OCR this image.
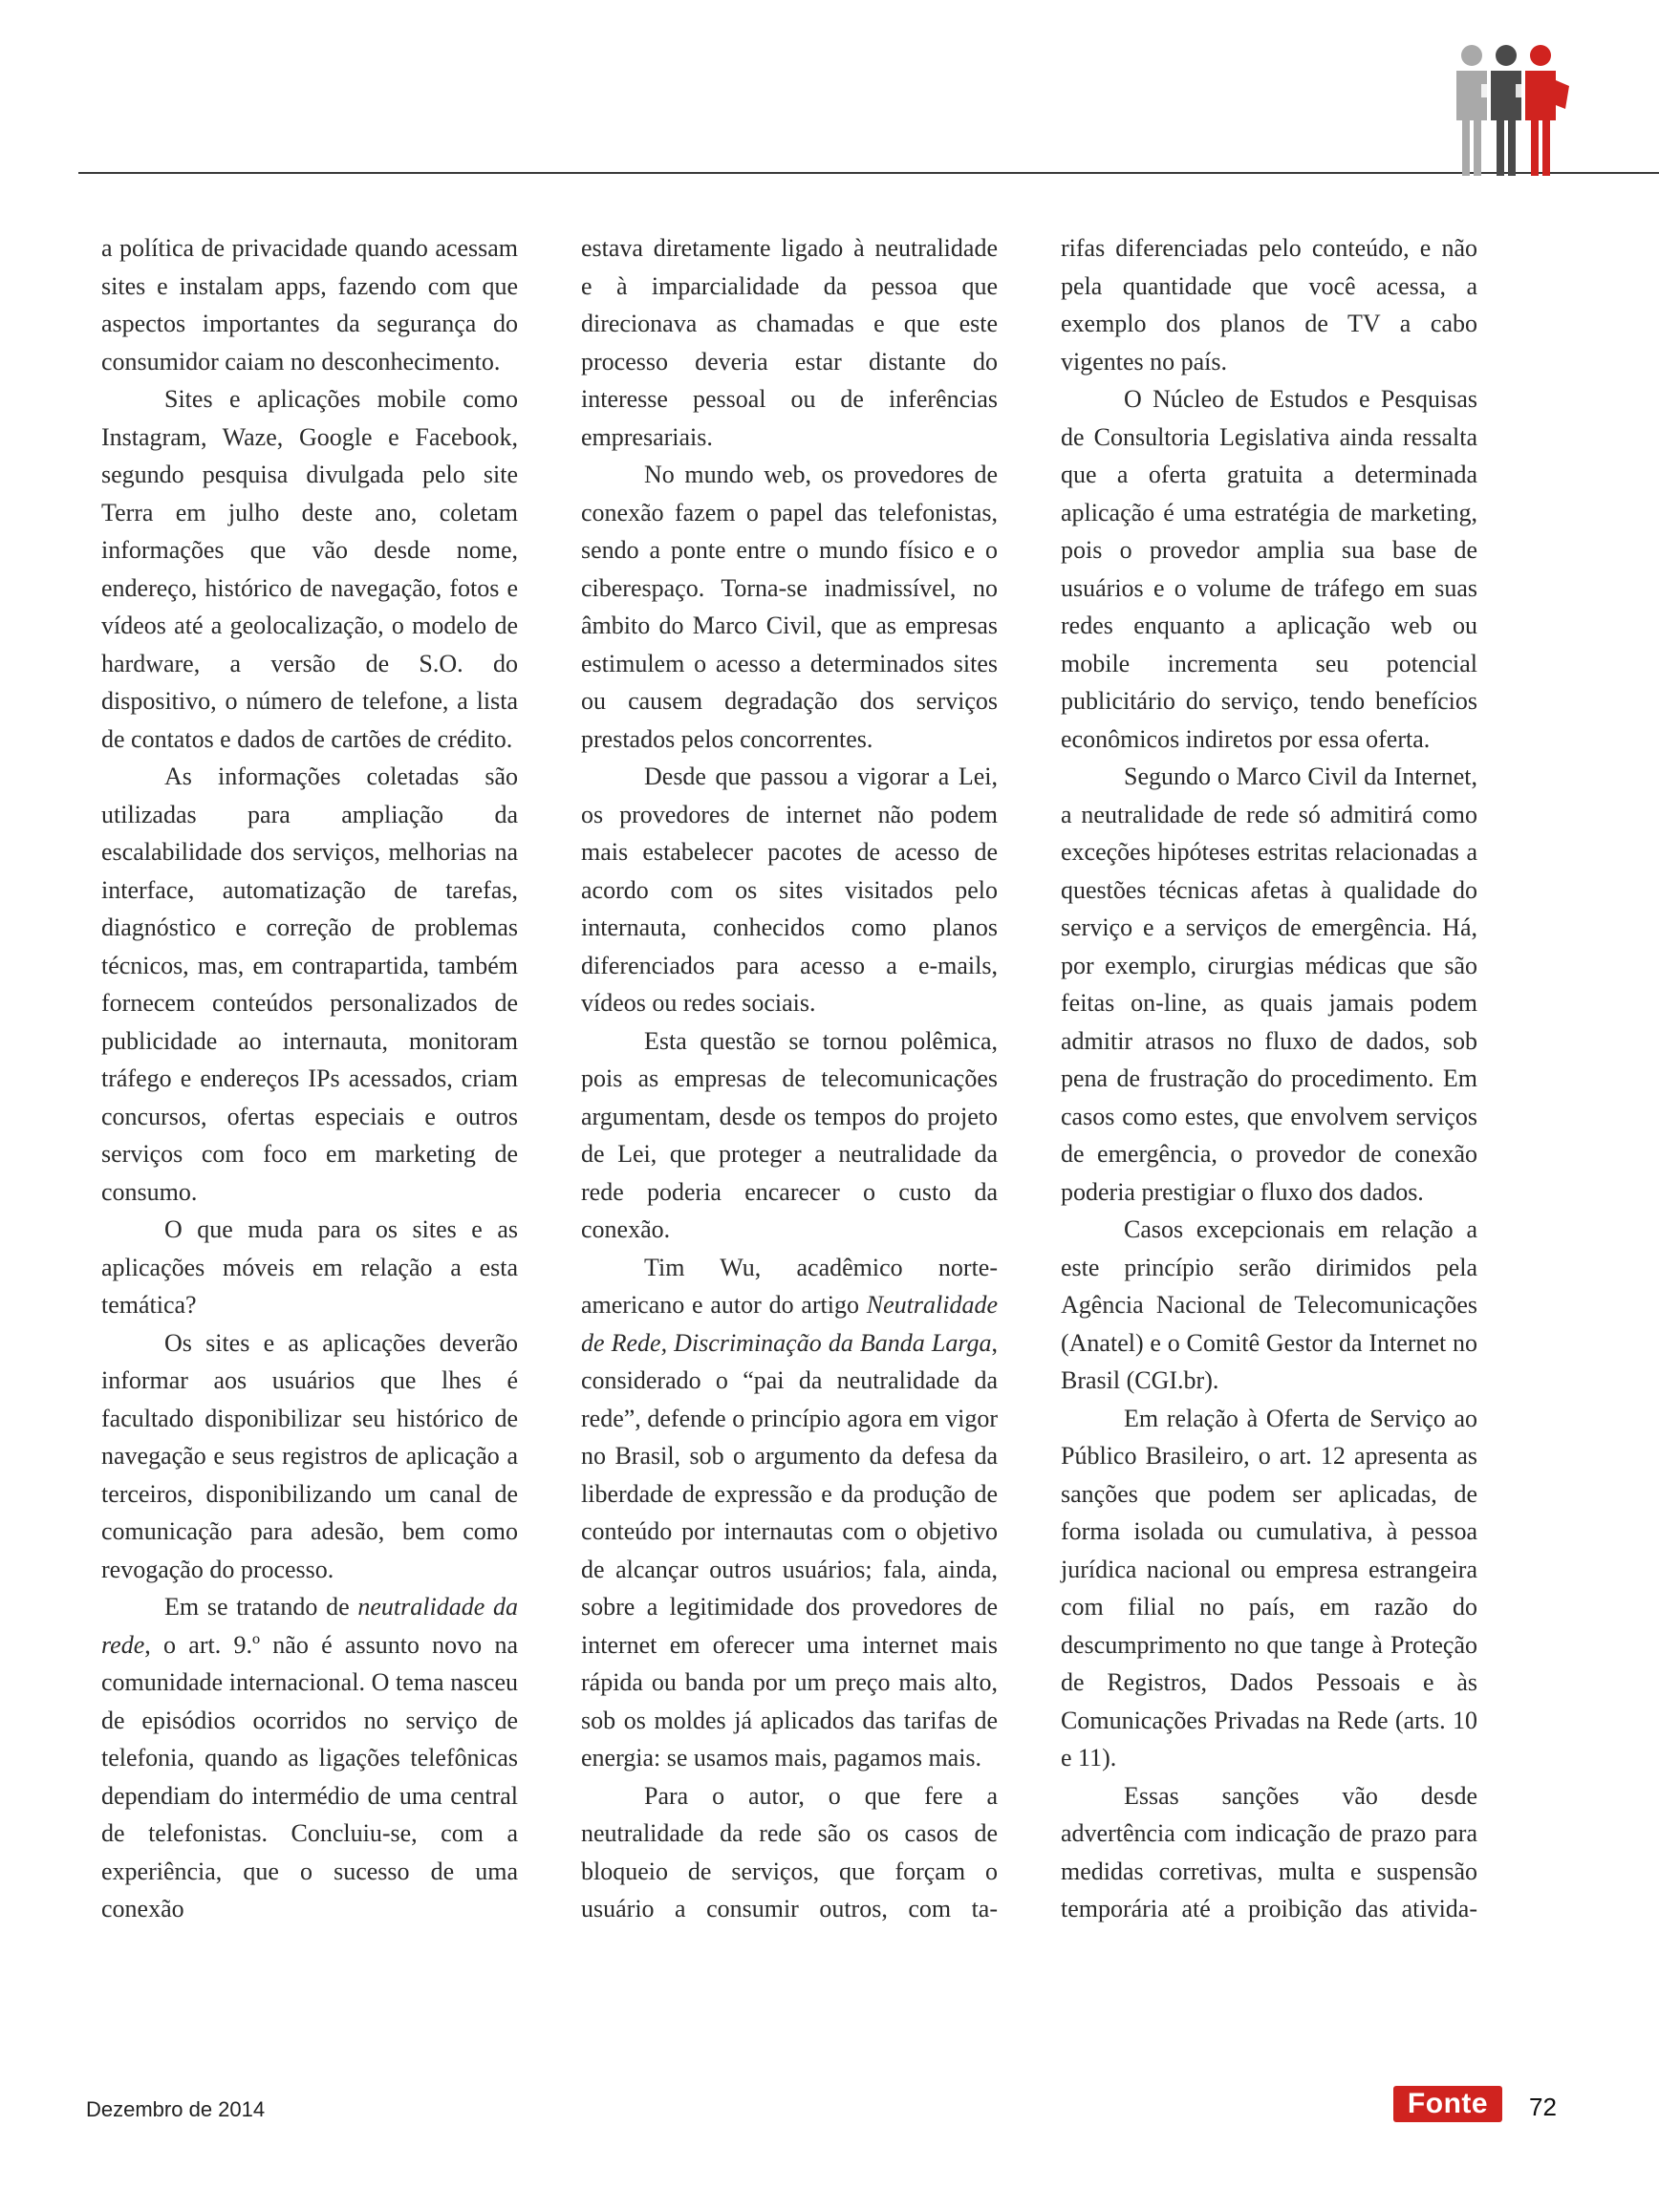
a política de privacidade quando acessam sites e instalam apps, fazendo com que aspectos importantes da segurança do consumidor caiam no desconhecimento.

Sites e aplicações mobile como Instagram, Waze, Google e Facebook, segundo pesquisa divulgada pelo site Terra em julho deste ano, coletam informações que vão desde nome, endereço, histórico de navegação, fotos e vídeos até a geolocalização, o modelo de hardware, a versão de S.O. do dispositivo, o número de telefone, a lista de contatos e dados de cartões de crédito.

As informações coletadas são utilizadas para ampliação da escalabilidade dos serviços, melhorias na interface, automatização de tarefas, diagnóstico e correção de problemas técnicos, mas, em contrapartida, também fornecem conteúdos personalizados de publicidade ao internauta, monitoram tráfego e endereços IPs acessados, criam concursos, ofertas especiais e outros serviços com foco em marketing de consumo.

O que muda para os sites e as aplicações móveis em relação a esta temática?

Os sites e as aplicações deverão informar aos usuários que lhes é facultado disponibilizar seu histórico de navegação e seus registros de aplicação a terceiros, disponibilizando um canal de comunicação para adesão, bem como revogação do processo.

Em se tratando de neutralidade da rede, o art. 9.º não é assunto novo na comunidade internacional. O tema nasceu de episódios ocorridos no serviço de telefonia, quando as ligações telefônicas dependiam do intermédio de uma central de telefonistas. Concluiu-se, com a experiência, que o sucesso de uma conexão

estava diretamente ligado à neutralidade e à imparcialidade da pessoa que direcionava as chamadas e que este processo deveria estar distante do interesse pessoal ou de inferências empresariais.

No mundo web, os provedores de conexão fazem o papel das telefonistas, sendo a ponte entre o mundo físico e o ciberespaço. Torna-se inadmissível, no âmbito do Marco Civil, que as empresas estimulem o acesso a determinados sites ou causem degradação dos serviços prestados pelos concorrentes.

Desde que passou a vigorar a Lei, os provedores de internet não podem mais estabelecer pacotes de acesso de acordo com os sites visitados pelo internauta, conhecidos como planos diferenciados para acesso a e-mails, vídeos ou redes sociais.

Esta questão se tornou polêmica, pois as empresas de telecomunicações argumentam, desde os tempos do projeto de Lei, que proteger a neutralidade da rede poderia encarecer o custo da conexão.

Tim Wu, acadêmico norte-americano e autor do artigo Neutralidade de Rede, Discriminação da Banda Larga, considerado o “pai da neutralidade da rede”, defende o princípio agora em vigor no Brasil, sob o argumento da defesa da liberdade de expressão e da produção de conteúdo por internautas com o objetivo de alcançar outros usuários; fala, ainda, sobre a legitimidade dos provedores de internet em oferecer uma internet mais rápida ou banda por um preço mais alto, sob os moldes já aplicados das tarifas de energia: se usamos mais, pagamos mais.

Para o autor, o que fere a neutralidade da rede são os casos de bloqueio de serviços, que forçam o usuário a consumir outros, com ta-

rifas diferenciadas pelo conteúdo, e não pela quantidade que você acessa, a exemplo dos planos de TV a cabo vigentes no país.

O Núcleo de Estudos e Pesquisas de Consultoria Legislativa ainda ressalta que a oferta gratuita a determinada aplicação é uma estratégia de marketing, pois o provedor amplia sua base de usuários e o volume de tráfego em suas redes enquanto a aplicação web ou mobile incrementa seu potencial publicitário do serviço, tendo benefícios econômicos indiretos por essa oferta.

Segundo o Marco Civil da Internet, a neutralidade de rede só admitirá como exceções hipóteses estritas relacionadas a questões técnicas afetas à qualidade do serviço e a serviços de emergência. Há, por exemplo, cirurgias médicas que são feitas on-line, as quais jamais podem admitir atrasos no fluxo de dados, sob pena de frustração do procedimento. Em casos como estes, que envolvem serviços de emergência, o provedor de conexão poderia prestigiar o fluxo dos dados.

Casos excepcionais em relação a este princípio serão dirimidos pela Agência Nacional de Telecomunicações (Anatel) e o Comitê Gestor da Internet no Brasil (CGI.br).

Em relação à Oferta de Serviço ao Público Brasileiro, o art. 12 apresenta as sanções que podem ser aplicadas, de forma isolada ou cumulativa, à pessoa jurídica nacional ou empresa estrangeira com filial no país, em razão do descumprimento no que tange à Proteção de Registros, Dados Pessoais e às Comunicações Privadas na Rede (arts. 10 e 11).

Essas sanções vão desde advertência com indicação de prazo para medidas corretivas, multa e suspensão temporária até a proibição das ativida-

Dezembro de 2014	Fonte 72
